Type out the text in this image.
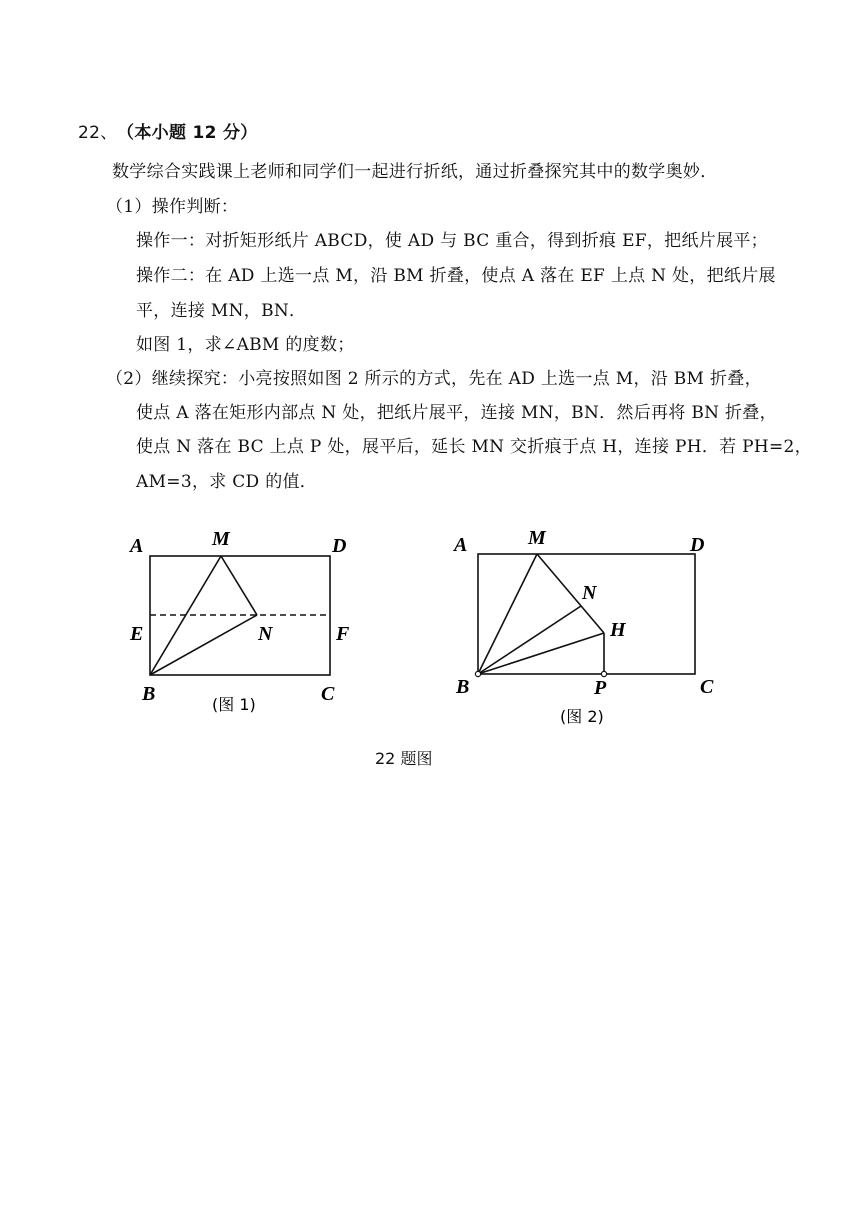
22、 （本小题 12 分）
数学综合实践课上老师和同学们一起进行折纸，通过折叠探究其中的数学奥妙．
（1）操作判断：
操作一：对折矩形纸片 ABCD，使 AD 与 BC 重合，得到折痕 EF，把纸片展平；
操作二：在 AD 上选一点 M，沿 BM 折叠，使点 A 落在 EF 上点 N 处，把纸片展
平，连接 MN，BN．
如图 1，求∠ABM 的度数；
（2）继续探究：小亮按照如图 2 所示的方式，先在 AD 上选一点 M，沿 BM 折叠，
使点 A 落在矩形内部点 N 处，把纸片展平，连接 MN，BN．然后再将 BN 折叠，
使点 N 落在 BC 上点 P 处，展平后，延长 MN 交折痕于点 H，连接 PH．若 PH=2，
AM=3，求 CD 的值．
A	M	D
E	N	F
B	C
(图 1)
A	M	D
N
H
B	P	C
(图 2)
22 题图
